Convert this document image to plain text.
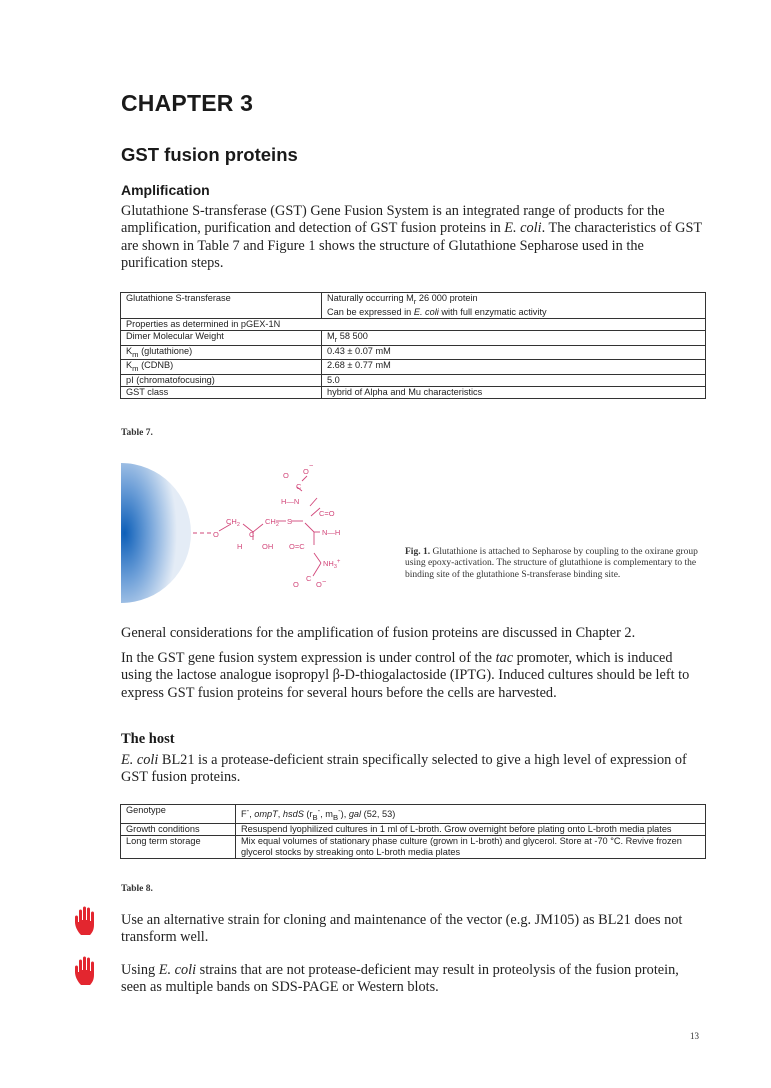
CHAPTER 3
GST fusion proteins
Amplification
Glutathione S-transferase (GST) Gene Fusion System is an integrated range of products for the amplification, purification and detection of GST fusion proteins in E. coli. The characteristics of GST are shown in Table 7 and Figure 1 shows the structure of Glutathione Sepharose used in the purification steps.
Glutathione S-transferase	Naturally occurring $M_r$ 26 000 protein
Can be expressed in E. coli with full enzymatic activity
Properties as determined in pGEX-1N	
Dimer Molecular Weight	$M_r$ 58 500
$K_m$ (glutathione)	0.43 ± 0.07 mM
$K_m$ (CDNB)	2.68 ± 0.77 mM
pI (chromatofocusing)	5.0
GST class	hybrid of Alpha and Mu characteristics
Table 7.
O O
−
C
H—N
O
$CH_2$	$CH_2$ S
C
C=O
N—H
H	OH O=C
$NH_3^+$
C
O O −
Fig. 1. Glutathione is attached to Sepharose by coupling to the oxirane group using epoxy-activation. The structure of glutathione is complementary to the binding site of the glutathione S-transferase binding site.
General considerations for the amplification of fusion proteins are discussed in Chapter 2.
In the GST gene fusion system expression is under control of the tac promoter, which is induced using the lactose analogue isopropyl β-D-thiogalactoside (IPTG). Induced cultures should be left to express GST fusion proteins for several hours before the cells are harvested.
The host
E. coli BL21 is a protease-deficient strain specifically selected to give a high level of expression of GST fusion proteins.
Genotype	F-, ompT, hsdS ($r_B^-$, $m_B^-$), gal (52, 53)
Growth conditions	Resuspend lyophilized cultures in 1 ml of L-broth. Grow overnight before plating onto L-broth media plates
Long term storage	Mix equal volumes of stationary phase culture (grown in L-broth) and glycerol. Store at -70 °C. Revive frozen glycerol stocks by streaking onto L-broth media plates
Table 8.
Use an alternative strain for cloning and maintenance of the vector (e.g. JM105) as BL21 does not transform well.
Using E. coli strains that are not protease-deficient may result in proteolysis of the fusion protein, seen as multiple bands on SDS-PAGE or Western blots.
13
